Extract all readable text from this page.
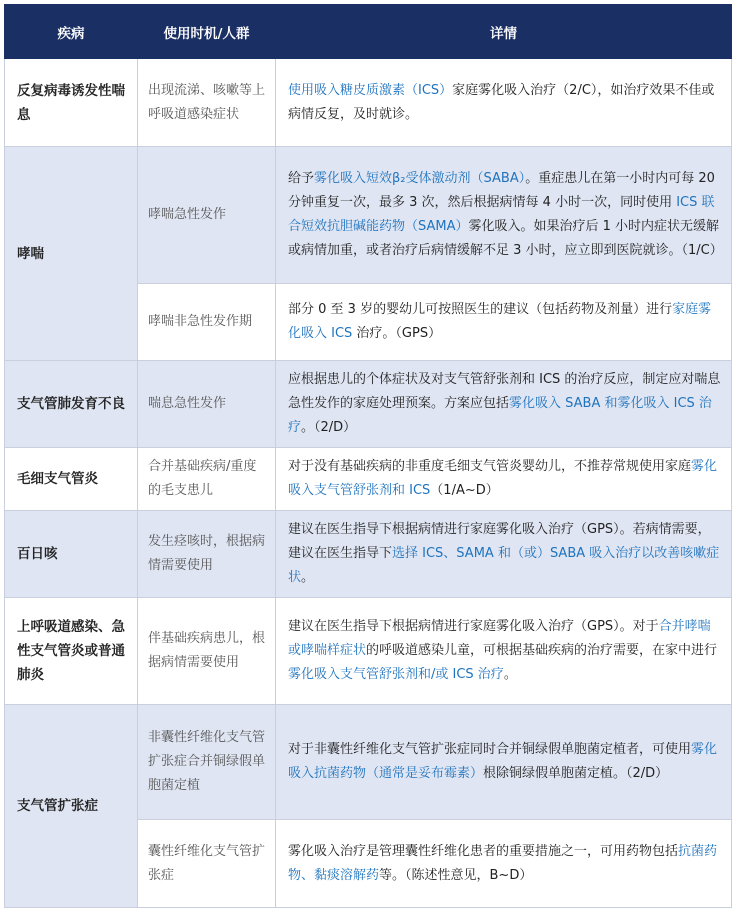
疾病	使用时机/人群	详情
反复病毒诱发性喘息	出现流涕、咳嗽等上呼吸道感染症状	使用吸入糖皮质激素（ICS）家庭雾化吸入治疗（2/C），如治疗效果不佳或病情反复，及时就诊。
哮喘	哮喘急性发作	给予雾化吸入短效β₂受体激动剂（SABA）。重症患儿在第一小时内可每 20 分钟重复一次，最多 3 次，然后根据病情每 4 小时一次，同时使用 ICS 联合短效抗胆碱能药物（SAMA）雾化吸入。如果治疗后 1 小时内症状无缓解或病情加重，或者治疗后病情缓解不足 3 小时，应立即到医院就诊。（1/C）
	哮喘非急性发作期	部分 0 至 3 岁的婴幼儿可按照医生的建议（包括药物及剂量）进行家庭雾化吸入 ICS 治疗。（GPS）
支气管肺发育不良	喘息急性发作	应根据患儿的个体症状及对支气管舒张剂和 ICS 的治疗反应，制定应对喘息急性发作的家庭处理预案。方案应包括雾化吸入 SABA 和雾化吸入 ICS 治疗。（2/D）
毛细支气管炎	合并基础疾病/重度的毛支患儿	对于没有基础疾病的非重度毛细支气管炎婴幼儿，不推荐常规使用家庭雾化吸入支气管舒张剂和 ICS（1/A~D）
百日咳	发生痉咳时，根据病情需要使用	建议在医生指导下根据病情进行家庭雾化吸入治疗（GPS）。若病情需要，建议在医生指导下选择 ICS、SAMA 和（或）SABA 吸入治疗以改善咳嗽症状。
上呼吸道感染、急性支气管炎或普通肺炎	伴基础疾病患儿，根据病情需要使用	建议在医生指导下根据病情进行家庭雾化吸入治疗（GPS）。对于合并哮喘或哮喘样症状的呼吸道感染儿童，可根据基础疾病的治疗需要，在家中进行雾化吸入支气管舒张剂和/或 ICS 治疗。
支气管扩张症	非囊性纤维化支气管扩张症合并铜绿假单胞菌定植	对于非囊性纤维化支气管扩张症同时合并铜绿假单胞菌定植者，可使用雾化吸入抗菌药物（通常是妥布霉素）根除铜绿假单胞菌定植。（2/D）
	囊性纤维化支气管扩张症	雾化吸入治疗是管理囊性纤维化患者的重要措施之一，可用药物包括抗菌药物、黏痰溶解药等。（陈述性意见，B~D）
